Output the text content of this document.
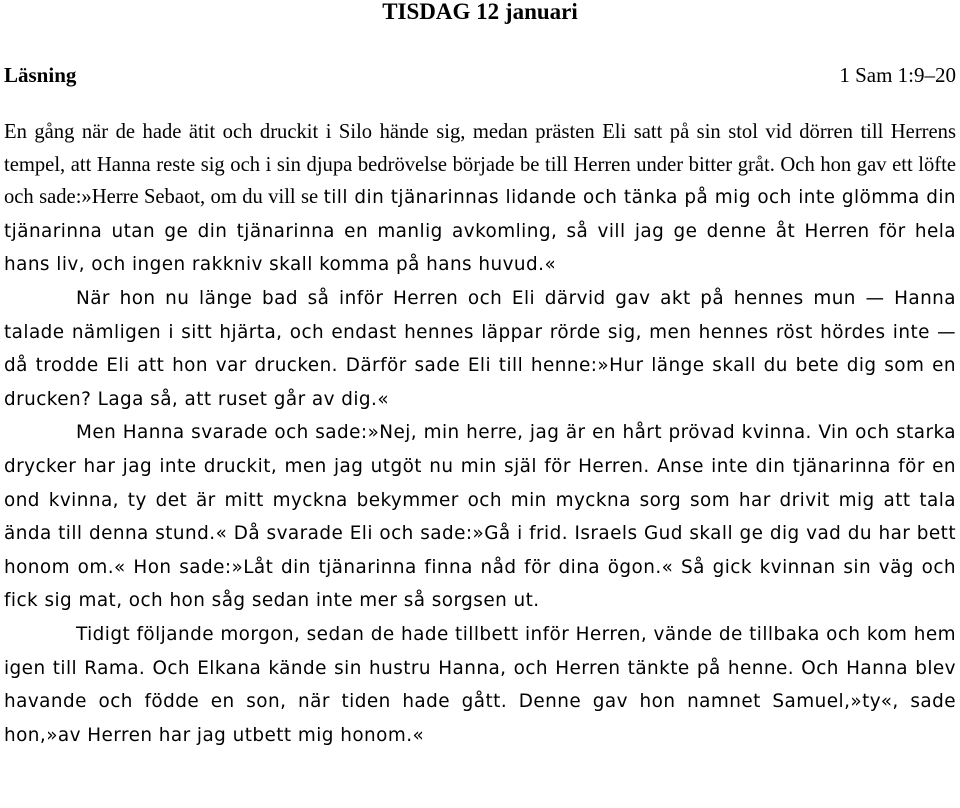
TISDAG 12 januari
Läsning	1 Sam 1:9–20

En gång när de hade ätit och druckit i Silo hände sig, medan prästen Eli satt på sin stol vid dörren till Herrens tempel, att Hanna reste sig och i sin djupa bedrövelse började be till Herren under bitter gråt. Och hon gav ett löfte och sade:»Herre Sebaot, om du vill se till din tjänarinnas lidande och tänka på mig och inte glömma din tjänarinna utan ge din tjänarinna en manlig avkomling, så vill jag ge denne åt Herren för hela hans liv, och ingen rakkniv skall komma på hans huvud.«

När hon nu länge bad så inför Herren och Eli därvid gav akt på hennes mun — Hanna talade nämligen i sitt hjärta, och endast hennes läppar rörde sig, men hennes röst hördes inte — då trodde Eli att hon var drucken. Därför sade Eli till henne:»Hur länge skall du bete dig som en drucken? Laga så, att ruset går av dig.«

Men Hanna svarade och sade:»Nej, min herre, jag är en hårt prövad kvinna. Vin och starka drycker har jag inte druckit, men jag utgöt nu min själ för Herren. Anse inte din tjänarinna för en ond kvinna, ty det är mitt myckna bekymmer och min myckna sorg som har drivit mig att tala ända till denna stund.« Då svarade Eli och sade:»Gå i frid. Israels Gud skall ge dig vad du har bett honom om.« Hon sade:»Låt din tjänarinna finna nåd för dina ögon.« Så gick kvinnan sin väg och fick sig mat, och hon såg sedan inte mer så sorgsen ut.

Tidigt följande morgon, sedan de hade tillbett inför Herren, vände de tillbaka och kom hem igen till Rama. Och Elkana kände sin hustru Hanna, och Herren tänkte på henne. Och Hanna blev havande och födde en son, när tiden hade gått. Denne gav hon namnet Samuel,»ty«, sade hon,»av Herren har jag utbett mig honom.«
